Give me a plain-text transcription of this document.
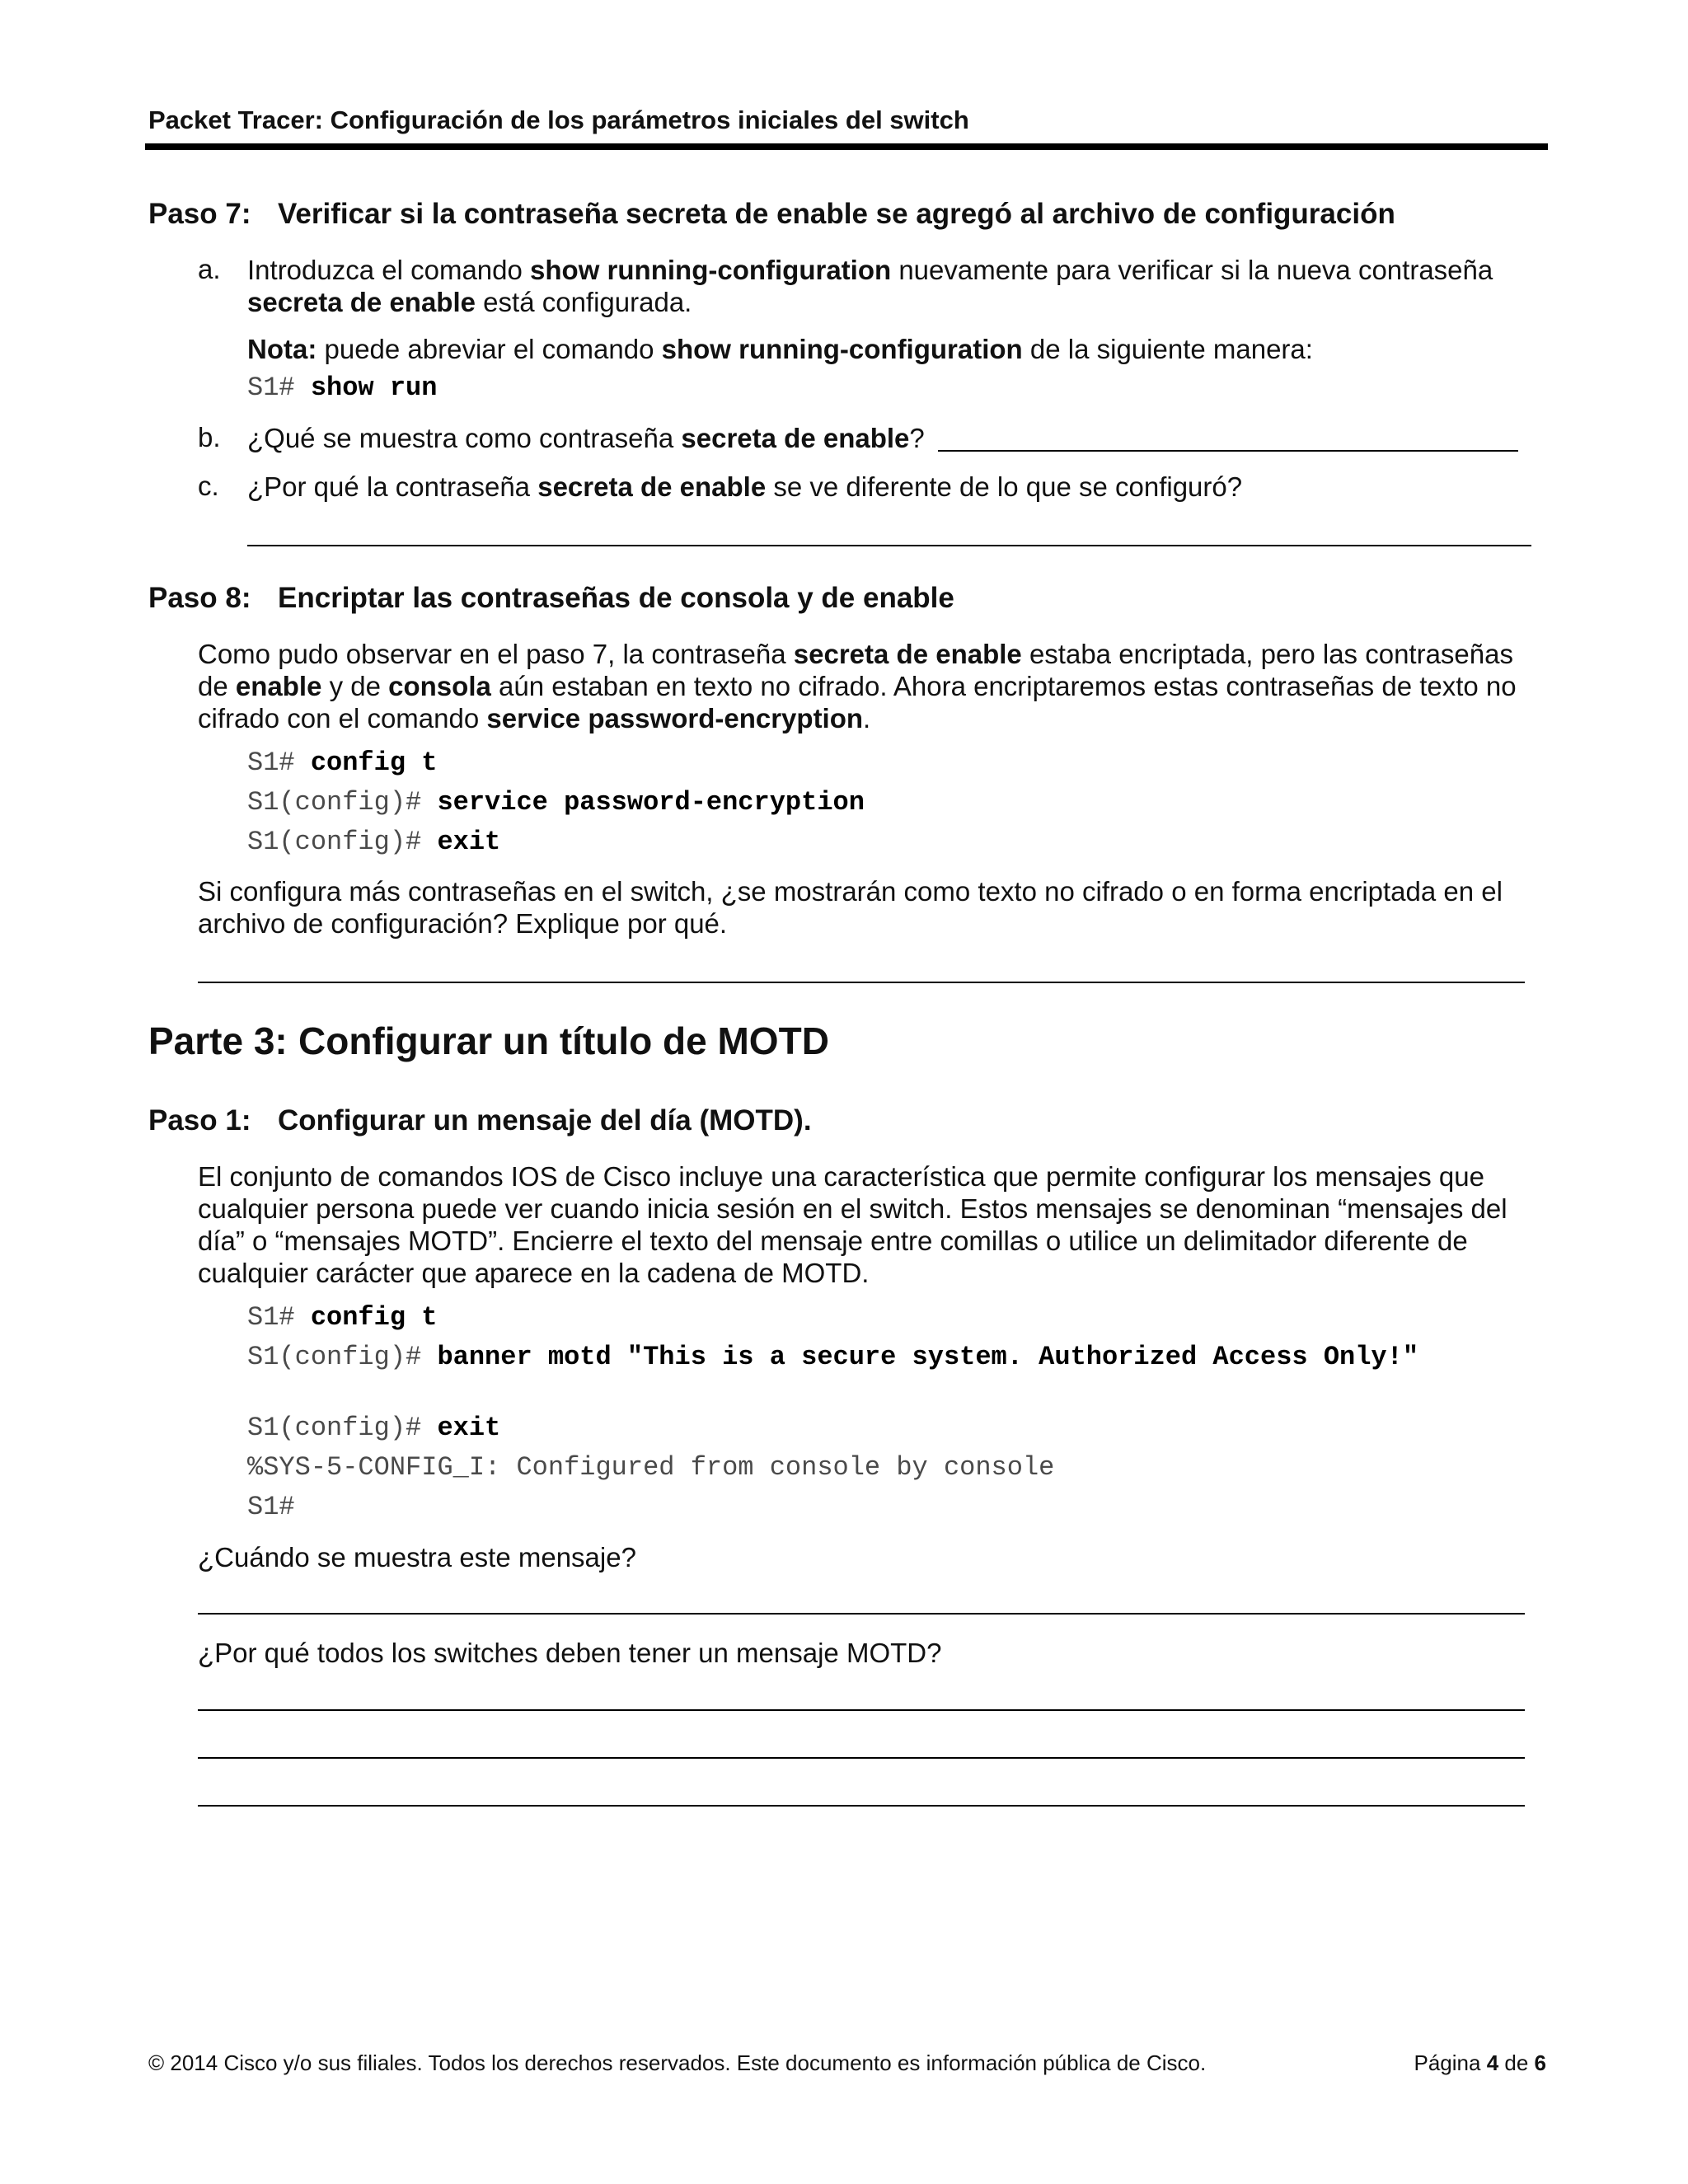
Packet Tracer: Configuración de los parámetros iniciales del switch
Paso 7: Verificar si la contraseña secreta de enable se agregó al archivo de configuración
a. Introduzca el comando show running-configuration nuevamente para verificar si la nueva contraseña secreta de enable está configurada.
Nota: puede abreviar el comando show running-configuration de la siguiente manera:
S1# show run
b. ¿Qué se muestra como contraseña secreta de enable?
c. ¿Por qué la contraseña secreta de enable se ve diferente de lo que se configuró?
Paso 8: Encriptar las contraseñas de consola y de enable
Como pudo observar en el paso 7, la contraseña secreta de enable estaba encriptada, pero las contraseñas de enable y de consola aún estaban en texto no cifrado. Ahora encriptaremos estas contraseñas de texto no cifrado con el comando service password-encryption.
S1# config t
S1(config)# service password-encryption
S1(config)# exit
Si configura más contraseñas en el switch, ¿se mostrarán como texto no cifrado o en forma encriptada en el archivo de configuración? Explique por qué.
Parte 3: Configurar un título de MOTD
Paso 1: Configurar un mensaje del día (MOTD).
El conjunto de comandos IOS de Cisco incluye una característica que permite configurar los mensajes que cualquier persona puede ver cuando inicia sesión en el switch. Estos mensajes se denominan “mensajes del día” o “mensajes MOTD”. Encierre el texto del mensaje entre comillas o utilice un delimitador diferente de cualquier carácter que aparece en la cadena de MOTD.
S1# config t
S1(config)# banner motd "This is a secure system. Authorized Access Only!"
S1(config)# exit
%SYS-5-CONFIG_I: Configured from console by console
S1#
¿Cuándo se muestra este mensaje?
¿Por qué todos los switches deben tener un mensaje MOTD?
© 2014 Cisco y/o sus filiales. Todos los derechos reservados. Este documento es información pública de Cisco.	Página 4 de 6
